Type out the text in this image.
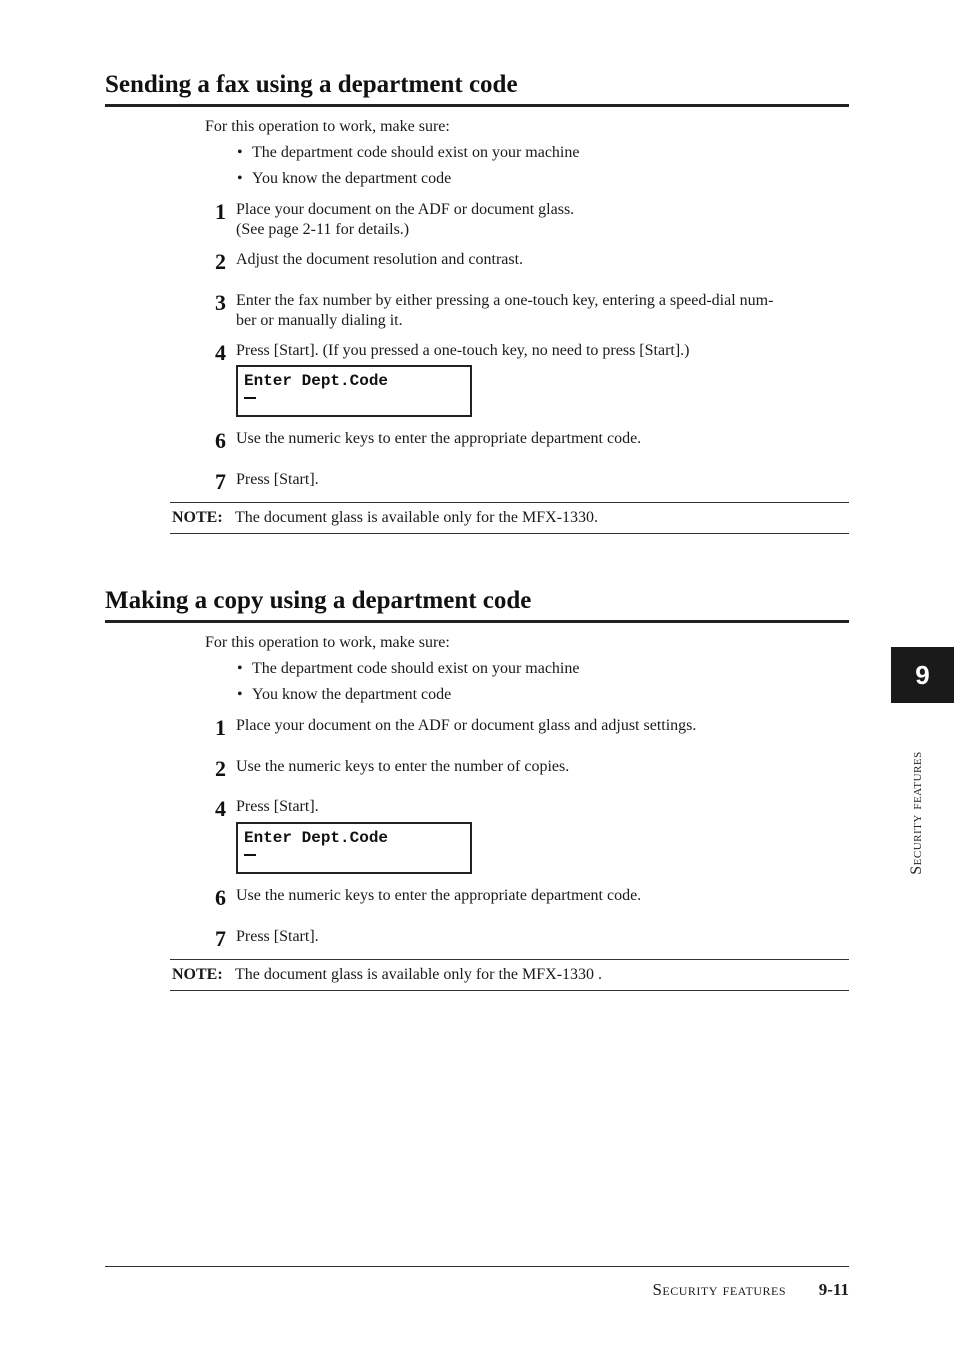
Sending a fax using a department code
For this operation to work, make sure:
• The department code should exist on your machine
• You know the department code
1 Place your document on the ADF or document glass.
(See page 2-11 for details.)
2 Adjust the document resolution and contrast.
3 Enter the fax number by either pressing a one-touch key, entering a speed-dial num-
ber or manually dialing it.
4 Press [Start]. (If you pressed a one-touch key, no need to press [Start].)
Enter Dept.Code
6 Use the numeric keys to enter the appropriate department code.
7 Press [Start].
NOTE: The document glass is available only for the MFX-1330.
Making a copy using a department code
For this operation to work, make sure:
• The department code should exist on your machine
• You know the department code
1 Place your document on the ADF or document glass and adjust settings.
2 Use the numeric keys to enter the number of copies.
4 Press [Start].
Enter Dept.Code
6 Use the numeric keys to enter the appropriate department code.
7 Press [Start].
NOTE: The document glass is available only for the MFX-1330 .
9
Security features
Security features 9-11
